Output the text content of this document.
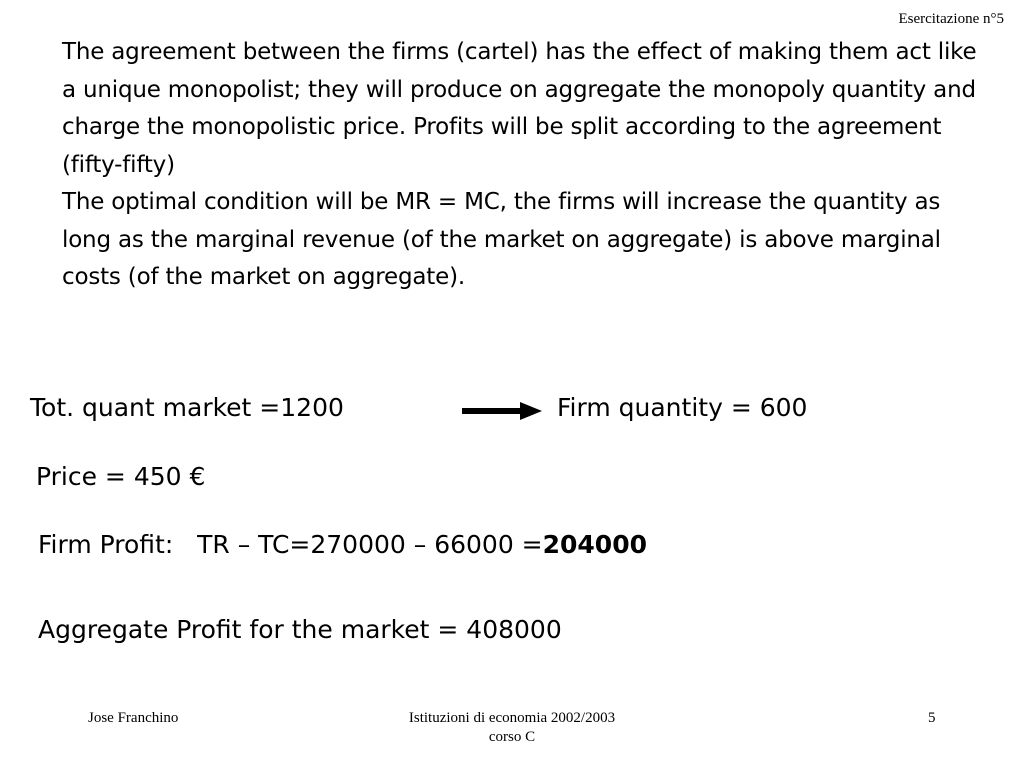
Esercitazione n°5

The agreement between the firms (cartel) has the effect of making them act like a unique monopolist; they will produce on aggregate the monopoly quantity and charge the monopolistic price. Profits will be split according to the agreement (fifty-fifty)

The optimal condition will be MR = MC, the firms will increase the quantity as long as the marginal revenue (of the market on aggregate) is above marginal costs (of the market on aggregate).

Tot. quant market =1200	Firm quantity = 600
Price = 450 €
Firm Profit: TR – TC=270000 – 66000 =204000
Aggregate Profit for the market = 408000
Jose Franchino	Istituzioni di economia 2002/2003
corso C
5
